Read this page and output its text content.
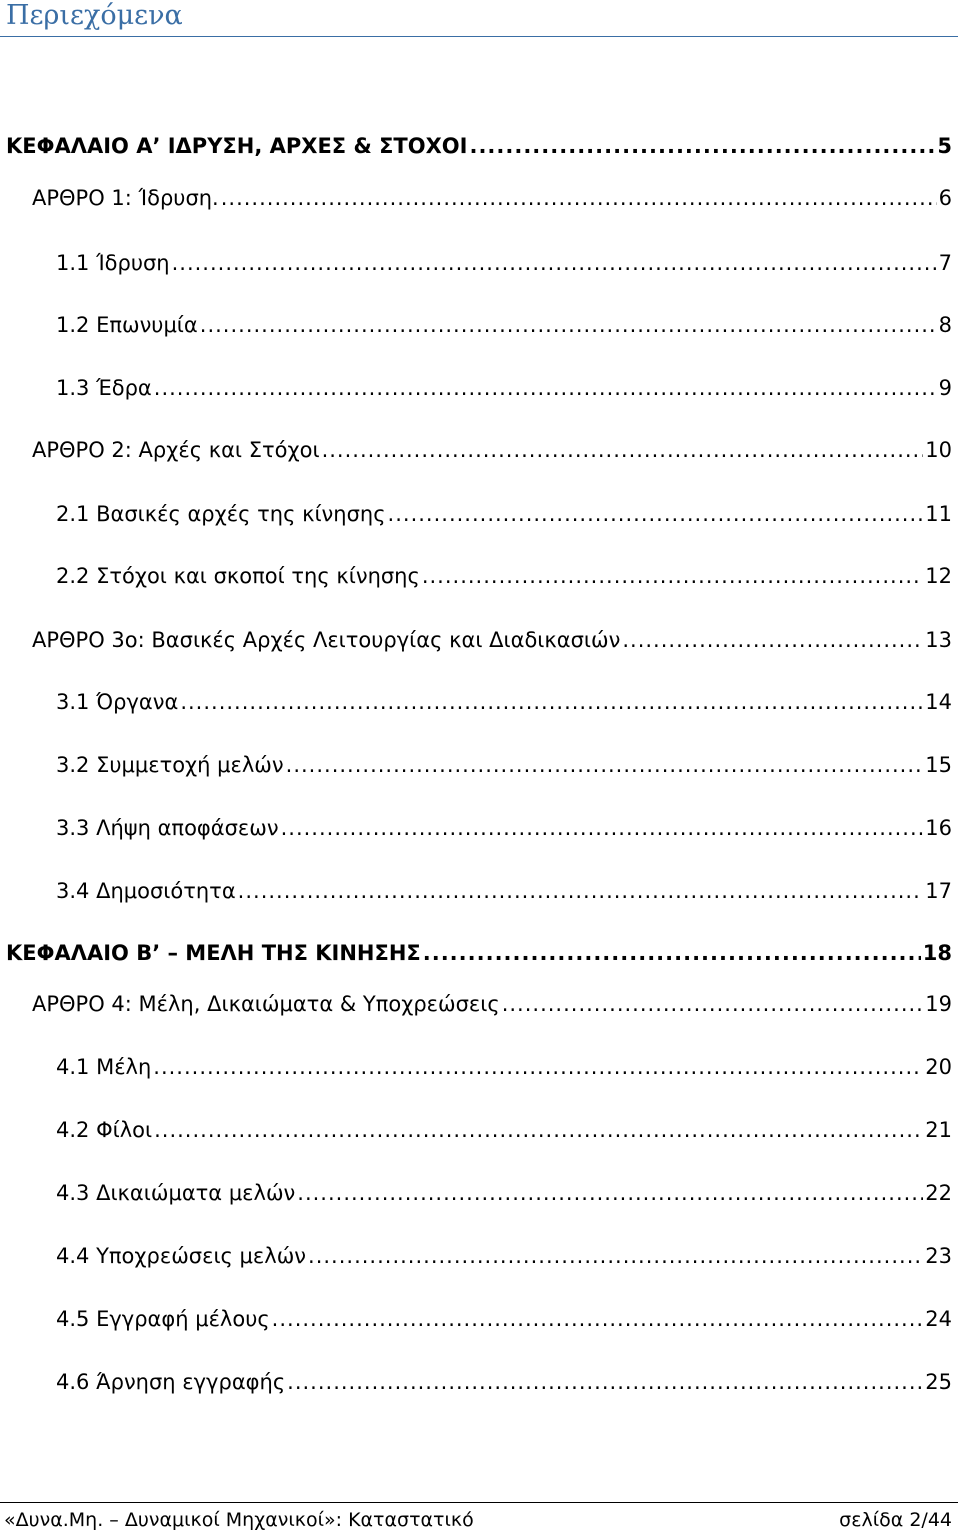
Περιεχόμενα
ΚΕΦΑΛΑΙΟ Α’ ΙΔΡΥΣΗ, ΑΡΧΕΣ & ΣΤΟΧΟΙ .....	5
ΑΡΘΡΟ 1: Ίδρυση. .....	6
1.1 Ίδρυση .....	7
1.2 Επωνυμία .....	8
1.3 Έδρα .....	9
ΑΡΘΡΟ 2: Αρχές και Στόχοι .....	10
2.1 Βασικές αρχές της κίνησης .....	11
2.2 Στόχοι και σκοποί της κίνησης .....	12
ΑΡΘΡΟ 3ο: Βασικές Αρχές Λειτουργίας και Διαδικασιών .....	13
3.1 Όργανα .....	14
3.2 Συμμετοχή μελών .....	15
3.3 Λήψη αποφάσεων .....	16
3.4 Δημοσιότητα .....	17
ΚΕΦΑΛΑΙΟ Β’ – ΜΕΛΗ ΤΗΣ ΚΙΝΗΣΗΣ .....	18
ΑΡΘΡΟ 4: Μέλη, Δικαιώματα & Υποχρεώσεις .....	19
4.1 Μέλη .....	20
4.2 Φίλοι .....	21
4.3 Δικαιώματα μελών .....	22
4.4 Υποχρεώσεις μελών .....	23
4.5 Εγγραφή μέλους .....	24
4.6 Άρνηση εγγραφής .....	25
«Δυνα.Μη. – Δυναμικοί Μηχανικοί»: Καταστατικό	σελίδα 2/44
